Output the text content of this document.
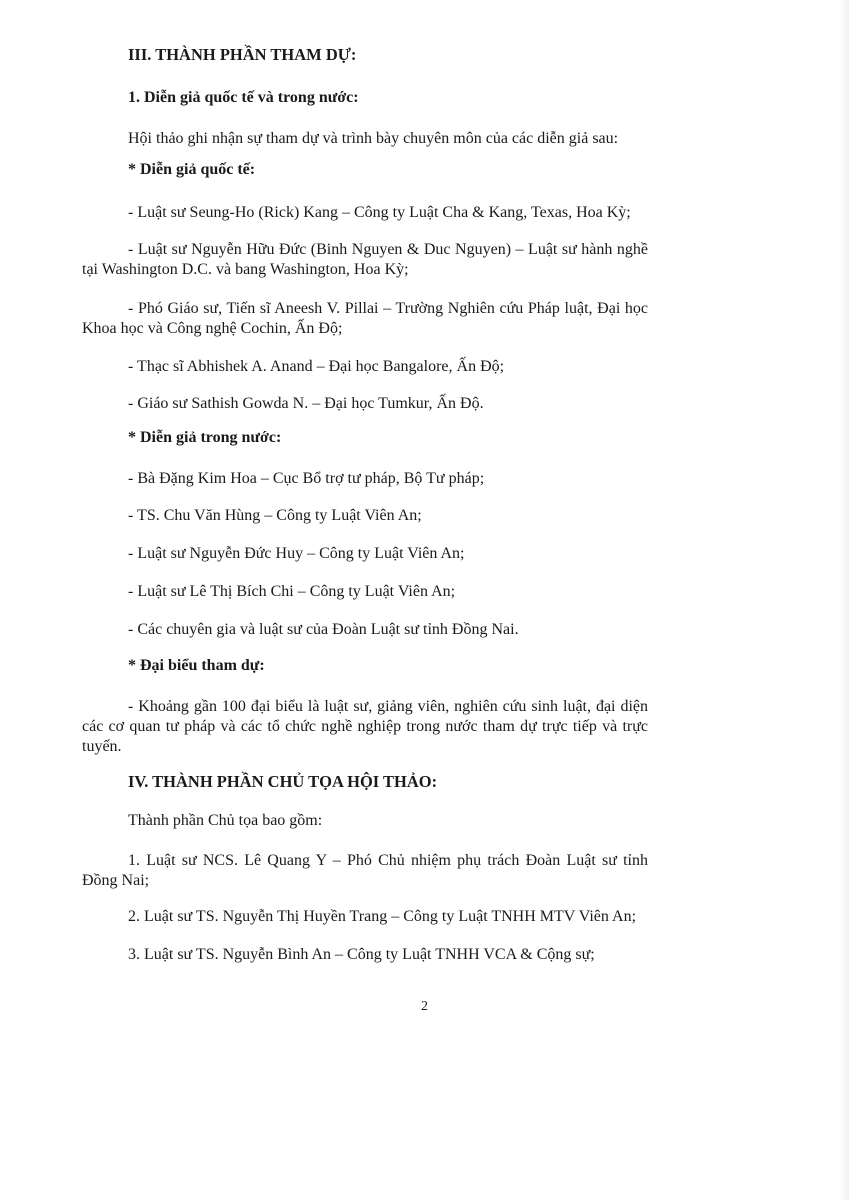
III. THÀNH PHẦN THAM DỰ:
1. Diễn giả quốc tế và trong nước:
Hội thảo ghi nhận sự tham dự và trình bày chuyên môn của các diễn giả sau:
* Diễn giả quốc tế:
- Luật sư Seung-Ho (Rick) Kang – Công ty Luật Cha & Kang, Texas, Hoa Kỳ;
- Luật sư Nguyễn Hữu Đức (Binh Nguyen & Duc Nguyen) – Luật sư hành nghề tại Washington D.C. và bang Washington, Hoa Kỳ;
- Phó Giáo sư, Tiến sĩ Aneesh V. Pillai – Trường Nghiên cứu Pháp luật, Đại học Khoa học và Công nghệ Cochin, Ấn Độ;
- Thạc sĩ Abhishek A. Anand – Đại học Bangalore, Ấn Độ;
- Giáo sư Sathish Gowda N. – Đại học Tumkur, Ấn Độ.
* Diễn giả trong nước:
- Bà Đặng Kim Hoa – Cục Bổ trợ tư pháp, Bộ Tư pháp;
- TS. Chu Văn Hùng – Công ty Luật Viên An;
- Luật sư Nguyễn Đức Huy – Công ty Luật Viên An;
- Luật sư Lê Thị Bích Chi – Công ty Luật Viên An;
- Các chuyên gia và luật sư của Đoàn Luật sư tỉnh Đồng Nai.
* Đại biểu tham dự:
- Khoảng gần 100 đại biểu là luật sư, giảng viên, nghiên cứu sinh luật, đại diện các cơ quan tư pháp và các tổ chức nghề nghiệp trong nước tham dự trực tiếp và trực tuyến.
IV. THÀNH PHẦN CHỦ TỌA HỘI THẢO:
Thành phần Chủ tọa bao gồm:
1. Luật sư NCS. Lê Quang Y – Phó Chủ nhiệm phụ trách Đoàn Luật sư tỉnh Đồng Nai;
2. Luật sư TS. Nguyễn Thị Huyền Trang – Công ty Luật TNHH MTV Viên An;
3. Luật sư TS. Nguyễn Bình An – Công ty Luật TNHH VCA & Cộng sự;
2
